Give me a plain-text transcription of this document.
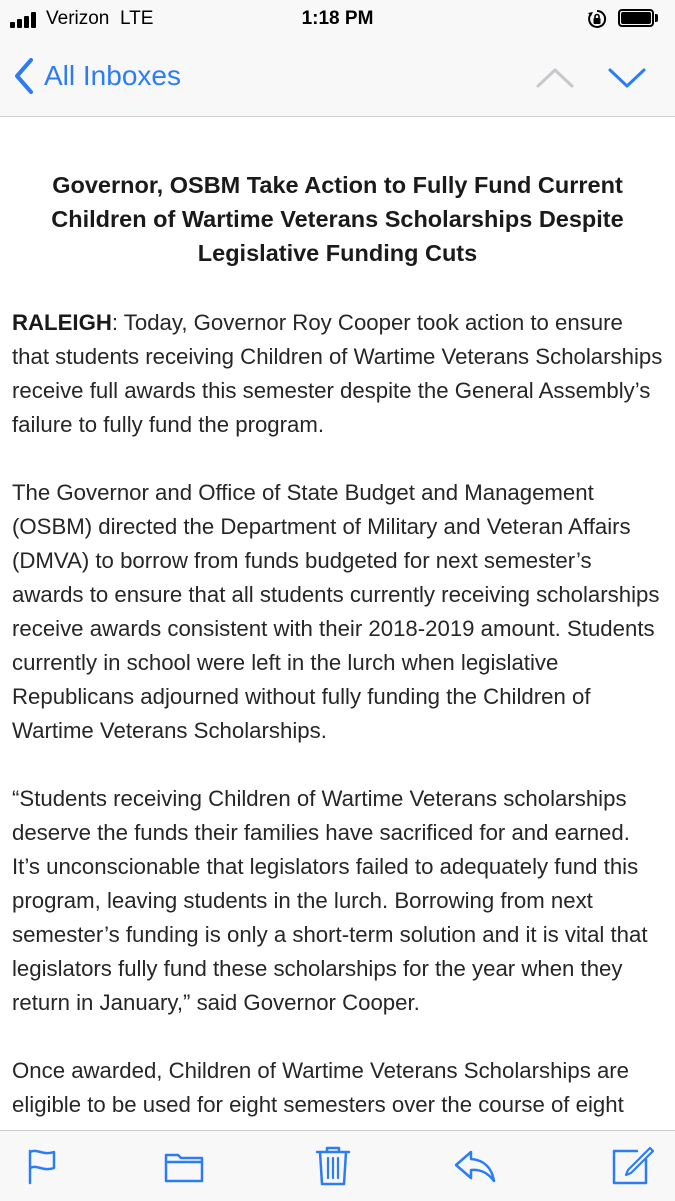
Verizon LTE	1:18 PM
All Inboxes
Governor, OSBM Take Action to Fully Fund Current Children of Wartime Veterans Scholarships Despite Legislative Funding Cuts

RALEIGH: Today, Governor Roy Cooper took action to ensure that students receiving Children of Wartime Veterans Scholarships receive full awards this semester despite the General Assembly’s failure to fully fund the program.

The Governor and Office of State Budget and Management (OSBM) directed the Department of Military and Veteran Affairs (DMVA) to borrow from funds budgeted for next semester’s awards to ensure that all students currently receiving scholarships receive awards consistent with their 2018-2019 amount. Students currently in school were left in the lurch when legislative Republicans adjourned without fully funding the Children of Wartime Veterans Scholarships.

“Students receiving Children of Wartime Veterans scholarships deserve the funds their families have sacrificed for and earned. It’s unconscionable that legislators failed to adequately fund this program, leaving students in the lurch. Borrowing from next semester’s funding is only a short-term solution and it is vital that legislators fully fund these scholarships for the year when they return in January,” said Governor Cooper.

Once awarded, Children of Wartime Veterans Scholarships are eligible to be used for eight semesters over the course of eight
